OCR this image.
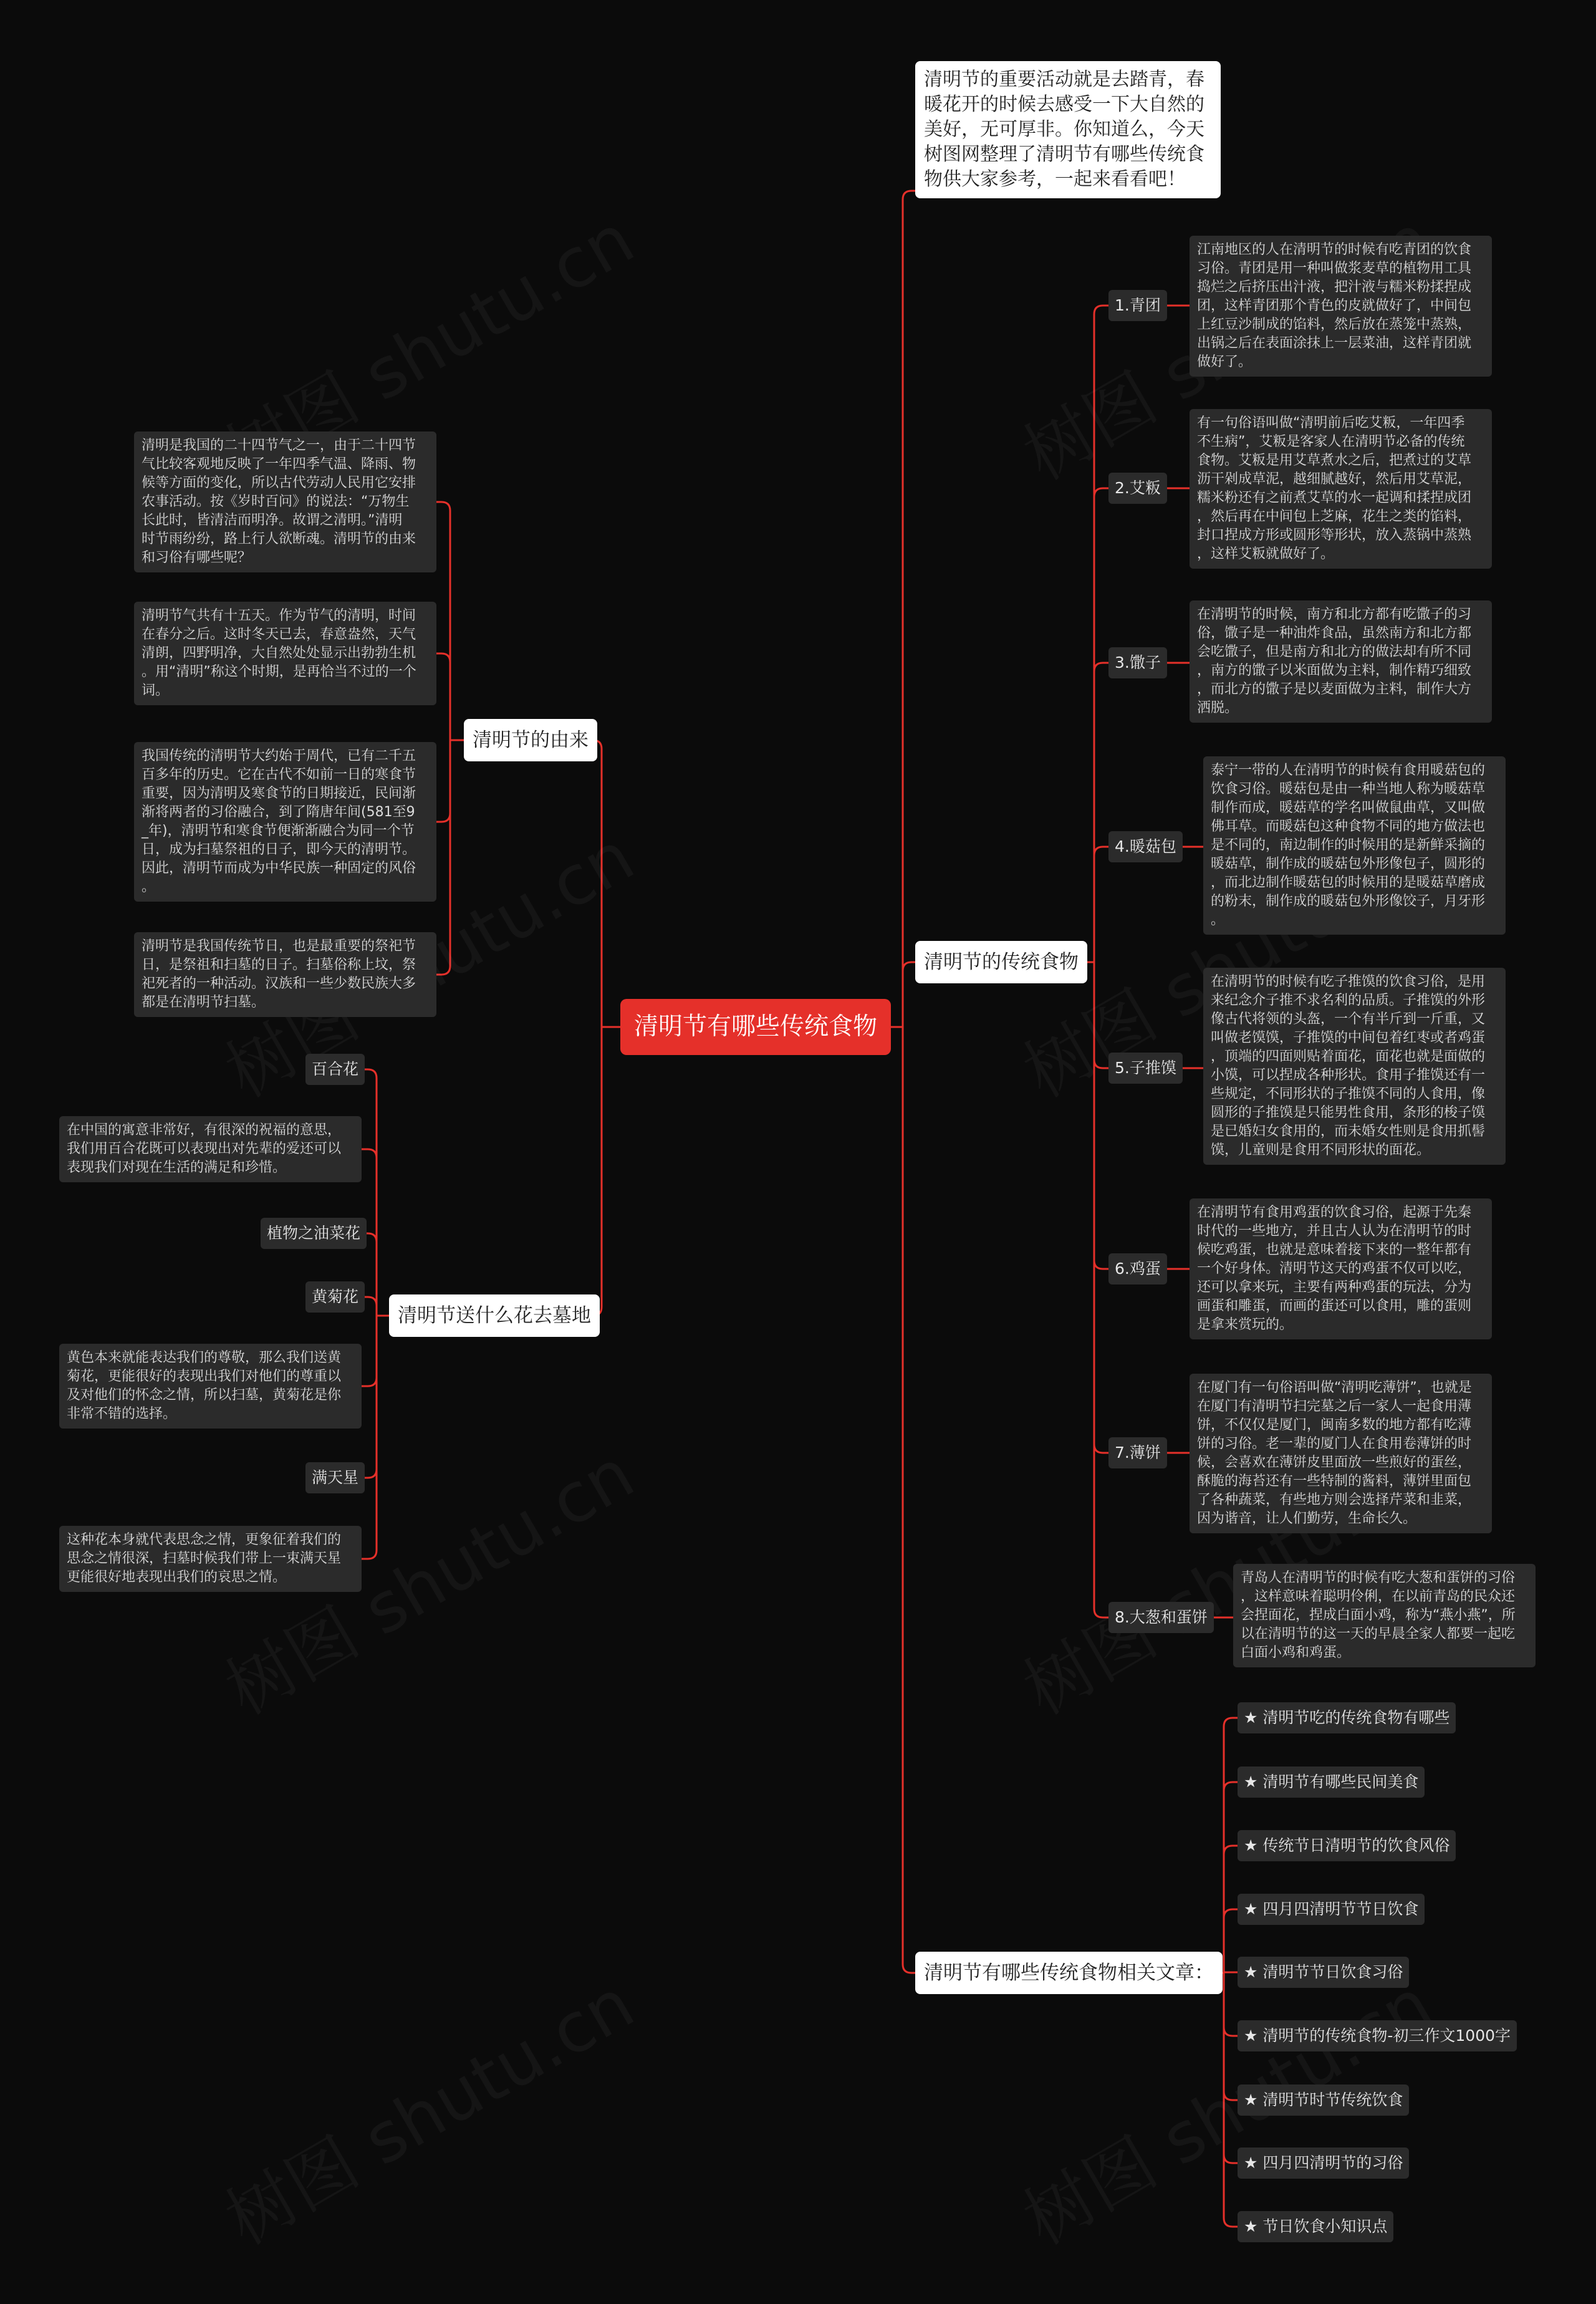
清明节有哪些传统食物
清明节的重要活动就是去踏青，春
暖花开的时候去感受一下大自然的
美好，无可厚非。你知道么，今天
树图网整理了清明节有哪些传统食
物供大家参考，一起来看看吧！
清明节的由来
清明节送什么花去墓地
清明节的传统食物
清明节有哪些传统食物相关文章：
清明是我国的二十四节气之一，由于二十四节
气比较客观地反映了一年四季气温、降雨、物
候等方面的变化，所以古代劳动人民用它安排
农事活动。按《岁时百问》的说法：“万物生
长此时，皆清洁而明净。故谓之清明。”清明
时节雨纷纷，路上行人欲断魂。清明节的由来
和习俗有哪些呢？
清明节气共有十五天。作为节气的清明，时间
在春分之后。这时冬天已去，春意盎然，天气
清朗，四野明净，大自然处处显示出勃勃生机
。用“清明”称这个时期，是再恰当不过的一个
词。
我国传统的清明节大约始于周代，已有二千五
百多年的历史。它在古代不如前一日的寒食节
重要，因为清明及寒食节的日期接近，民间渐
渐将两者的习俗融合，到了隋唐年间(581至9
_年)，清明节和寒食节便渐渐融合为同一个节
日，成为扫墓祭祖的日子，即今天的清明节。
因此，清明节而成为中华民族一种固定的风俗
。
清明节是我国传统节日，也是最重要的祭祀节
日，是祭祖和扫墓的日子。扫墓俗称上坟，祭
祀死者的一种活动。汉族和一些少数民族大多
都是在清明节扫墓。
百合花
在中国的寓意非常好，有很深的祝福的意思，
我们用百合花既可以表现出对先辈的爱还可以
表现我们对现在生活的满足和珍惜。
植物之油菜花
黄菊花
黄色本来就能表达我们的尊敬，那么我们送黄
菊花，更能很好的表现出我们对他们的尊重以
及对他们的怀念之情，所以扫墓，黄菊花是你
非常不错的选择。
满天星
这种花本身就代表思念之情，更象征着我们的
思念之情很深，扫墓时候我们带上一束满天星
更能很好地表现出我们的哀思之情。
1.青团
江南地区的人在清明节的时候有吃青团的饮食
习俗。青团是用一种叫做浆麦草的植物用工具
捣烂之后挤压出汁液，把汁液与糯米粉揉捏成
团，这样青团那个青色的皮就做好了，中间包
上红豆沙制成的馅料，然后放在蒸笼中蒸熟，
出锅之后在表面涂抹上一层菜油，这样青团就
做好了。
2.艾粄
有一句俗语叫做“清明前后吃艾粄，一年四季
不生病”，艾粄是客家人在清明节必备的传统
食物。艾粄是用艾草煮水之后，把煮过的艾草
沥干剁成草泥，越细腻越好，然后用艾草泥，
糯米粉还有之前煮艾草的水一起调和揉捏成团
，然后再在中间包上芝麻，花生之类的馅料，
封口捏成方形或圆形等形状，放入蒸锅中蒸熟
，这样艾粄就做好了。
3.馓子
在清明节的时候，南方和北方都有吃馓子的习
俗，馓子是一种油炸食品，虽然南方和北方都
会吃馓子，但是南方和北方的做法却有所不同
，南方的馓子以米面做为主料，制作精巧细致
，而北方的馓子是以麦面做为主料，制作大方
洒脱。
4.暖菇包
泰宁一带的人在清明节的时候有食用暖菇包的
饮食习俗。暖菇包是由一种当地人称为暖菇草
制作而成，暖菇草的学名叫做鼠曲草，又叫做
佛耳草。而暖菇包这种食物不同的地方做法也
是不同的，南边制作的时候用的是新鲜采摘的
暖菇草，制作成的暖菇包外形像包子，圆形的
，而北边制作暖菇包的时候用的是暖菇草磨成
的粉末，制作成的暖菇包外形像饺子，月牙形
。
5.子推馍
在清明节的时候有吃子推馍的饮食习俗，是用
来纪念介子推不求名利的品质。子推馍的外形
像古代将领的头盔，一个有半斤到一斤重，又
叫做老馍馍，子推馍的中间包着红枣或者鸡蛋
，顶端的四面则贴着面花，面花也就是面做的
小馍，可以捏成各种形状。食用子推馍还有一
些规定，不同形状的子推馍不同的人食用，像
圆形的子推馍是只能男性食用，条形的梭子馍
是已婚妇女食用的，而未婚女性则是食用抓髻
馍，儿童则是食用不同形状的面花。
6.鸡蛋
在清明节有食用鸡蛋的饮食习俗，起源于先秦
时代的一些地方，并且古人认为在清明节的时
候吃鸡蛋，也就是意味着接下来的一整年都有
一个好身体。清明节这天的鸡蛋不仅可以吃，
还可以拿来玩，主要有两种鸡蛋的玩法，分为
画蛋和雕蛋，而画的蛋还可以食用，雕的蛋则
是拿来赏玩的。
7.薄饼
在厦门有一句俗语叫做“清明吃薄饼”，也就是
在厦门有清明节扫完墓之后一家人一起食用薄
饼，不仅仅是厦门，闽南多数的地方都有吃薄
饼的习俗。老一辈的厦门人在食用卷薄饼的时
候，会喜欢在薄饼皮里面放一些煎好的蛋丝，
酥脆的海苔还有一些特制的酱料，薄饼里面包
了各种蔬菜，有些地方则会选择芹菜和韭菜，
因为谐音，让人们勤劳，生命长久。
8.大葱和蛋饼
青岛人在清明节的时候有吃大葱和蛋饼的习俗
，这样意味着聪明伶俐，在以前青岛的民众还
会捏面花，捏成白面小鸡，称为“燕小燕”，所
以在清明节的这一天的早晨全家人都要一起吃
白面小鸡和鸡蛋。
★ 清明节吃的传统食物有哪些
★ 清明节有哪些民间美食
★ 传统节日清明节的饮食风俗
★ 四月四清明节节日饮食
★ 清明节节日饮食习俗
★ 清明节的传统食物-初三作文1000字
★ 清明节时节传统饮食
★ 四月四清明节的习俗
★ 节日饮食小知识点
